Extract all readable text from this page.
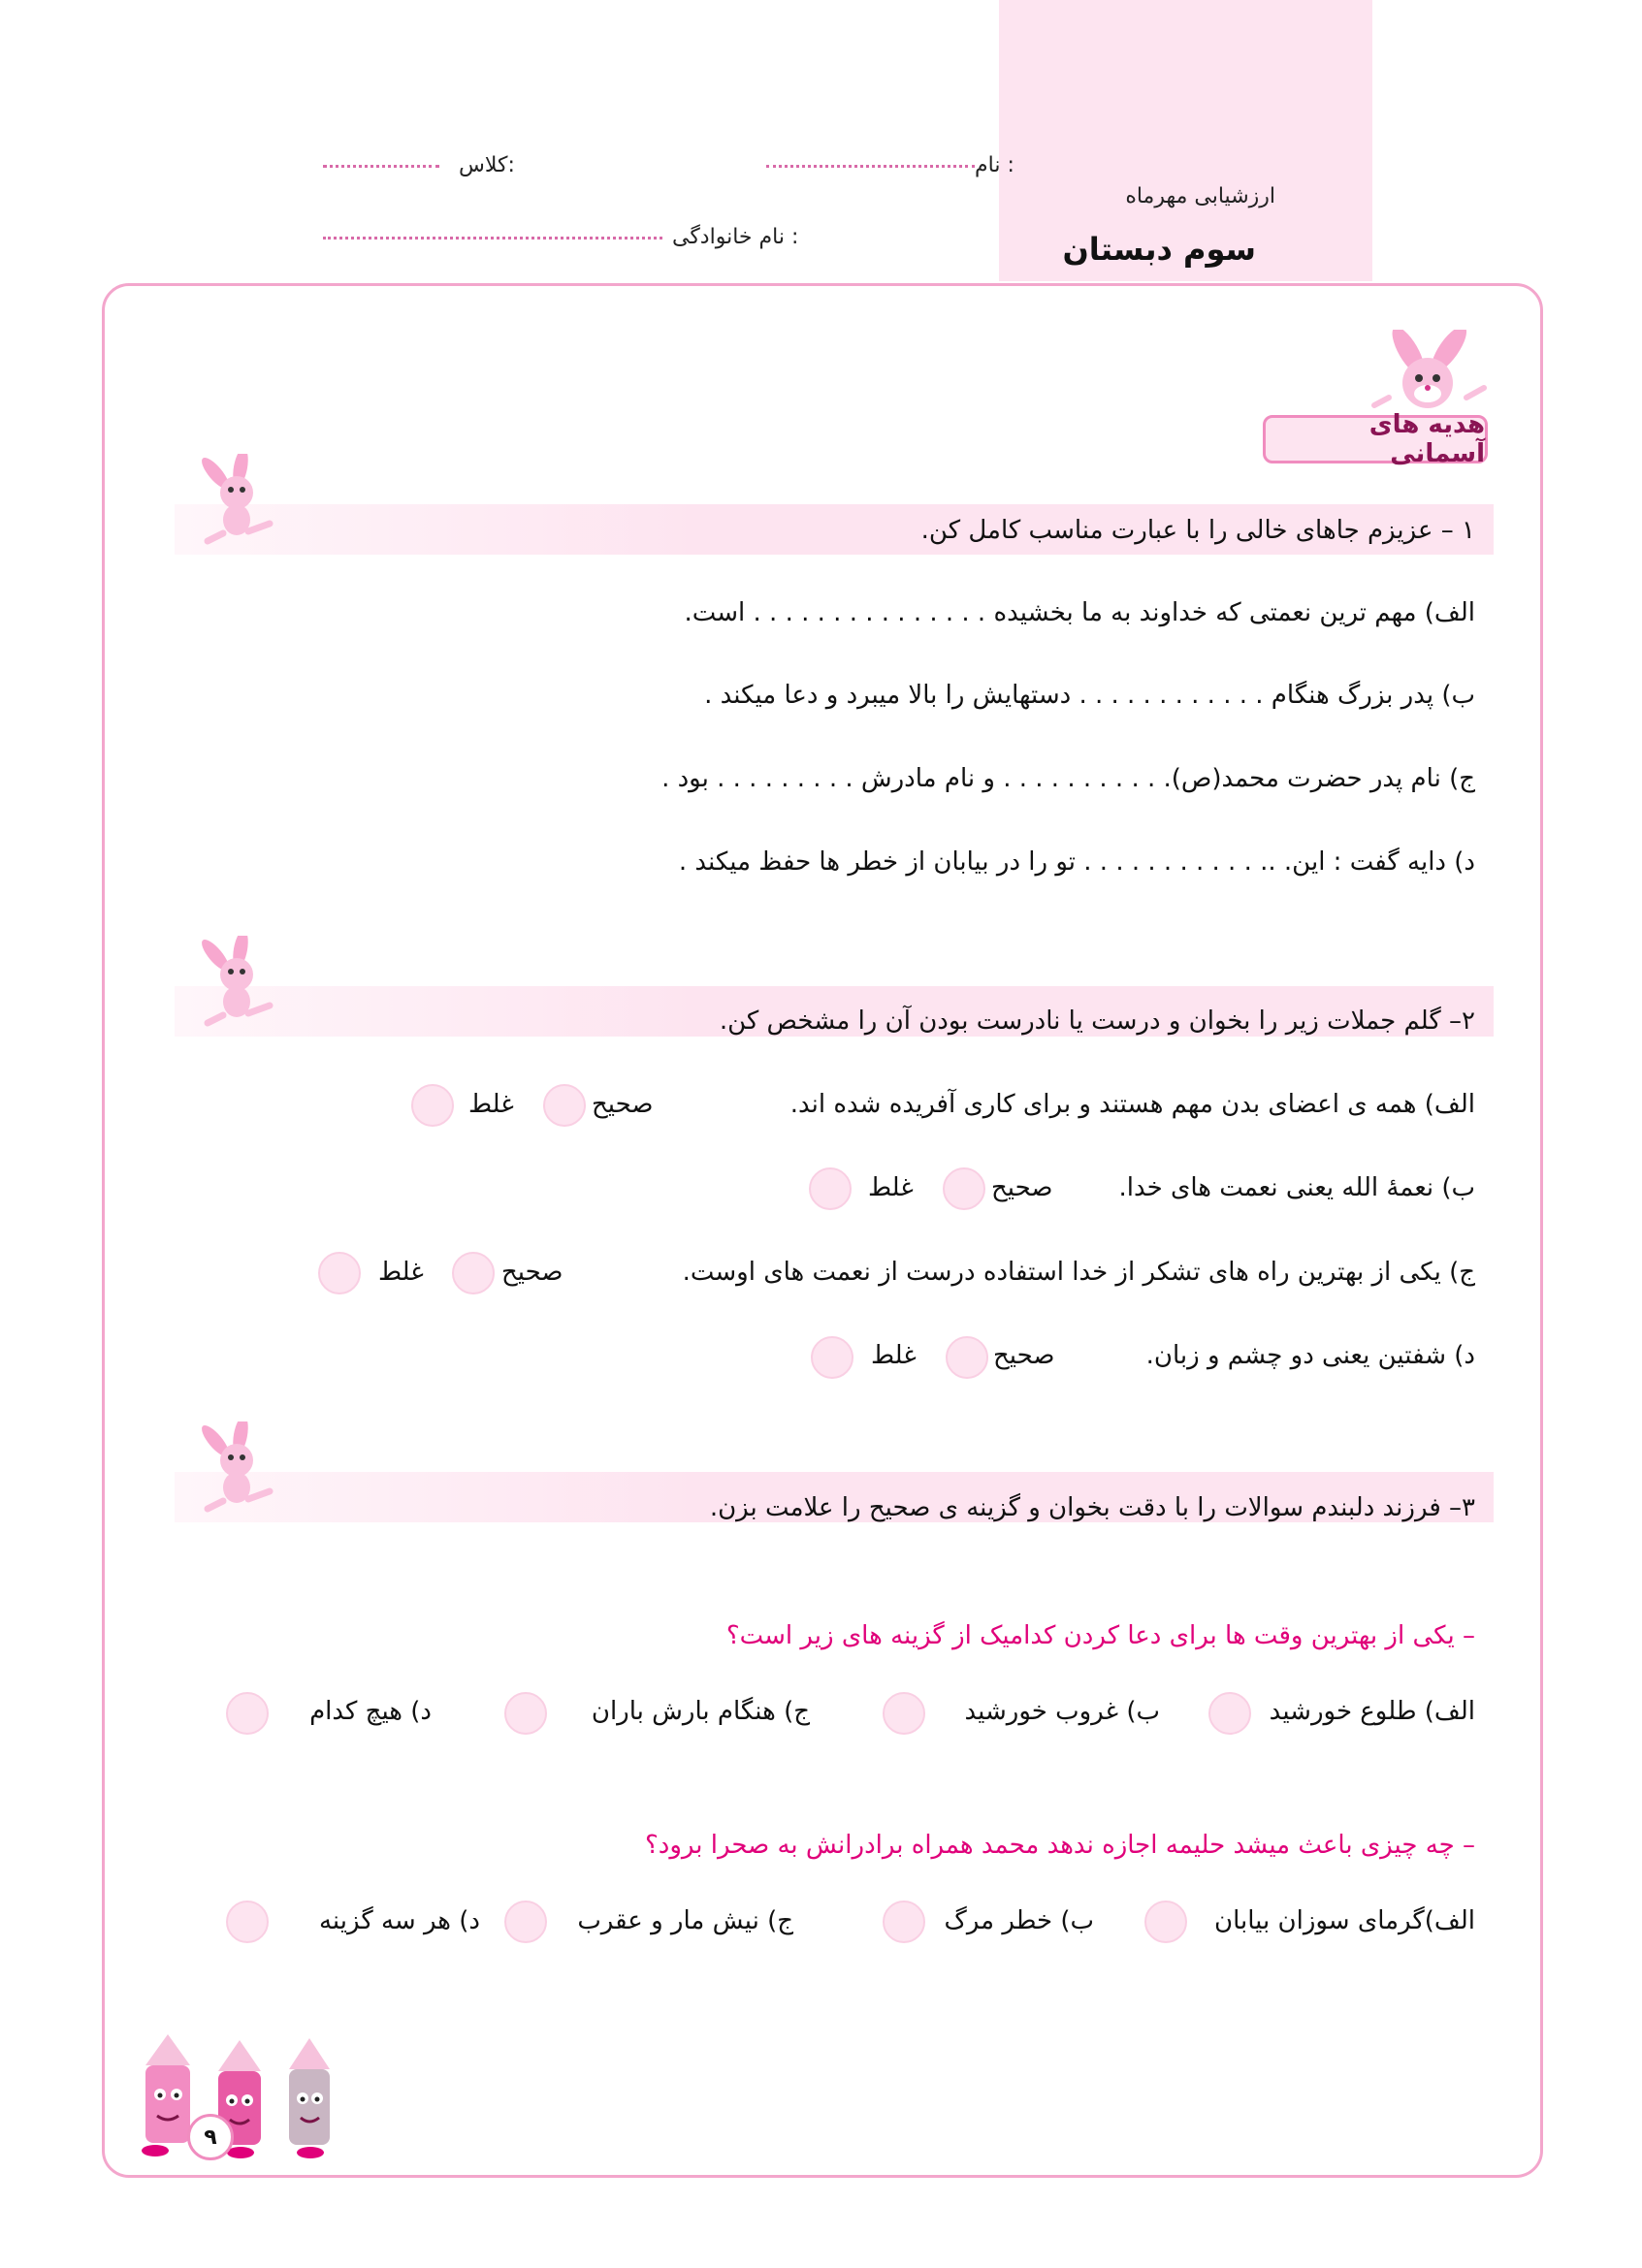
ارزشیابی مهرماه
سوم دبستان
: نام
:کلاس
: نام خانوادگی
هدیه های آسمانی
۱ – عزیزم جاهای خالی را با عبارت مناسب کامل کن.
الف) مهم ترین نعمتی که خداوند به ما بخشیده . . . . . . . . . . . . . . . است.
ب) پدر بزرگ هنگام . . . . . . . . . . . . دستهایش را بالا میبرد و دعا میکند .
ج) نام پدر حضرت محمد(ص). . . . . . . . . . . و نام مادرش . . . . . . . . . بود .
د) دایه گفت : این. .. . . . . . . . . . . . تو را در بیابان از خطر ها حفظ میکند .
۲– گلم جملات زیر را بخوان و درست یا نادرست بودن آن را مشخص کن.
الف) همه ی اعضای بدن مهم هستند و برای کاری آفریده شده اند.
صحیح
غلط
ب) نعمهٔ الله یعنی نعمت های خدا.
صحیح
غلط
ج) یکی از بهترین راه های تشکر از خدا استفاده درست از نعمت های اوست.
صحیح
غلط
د) شفتین یعنی دو چشم و زبان.
صحیح
غلط
۳– فرزند دلبندم سوالات را با دقت بخوان و گزینه ی صحیح را علامت بزن.
– یکی از بهترین وقت ها برای دعا کردن کدامیک از گزینه های زیر است؟
الف) طلوع خورشید
ب) غروب خورشید
ج) هنگام بارش باران
د) هیچ کدام
– چه چیزی باعث میشد حلیمه اجازه ندهد محمد همراه برادرانش به صحرا برود؟
الف)گرمای سوزان بیابان
ب) خطر مرگ
ج) نیش مار و عقرب
د) هر سه گزینه
۹
